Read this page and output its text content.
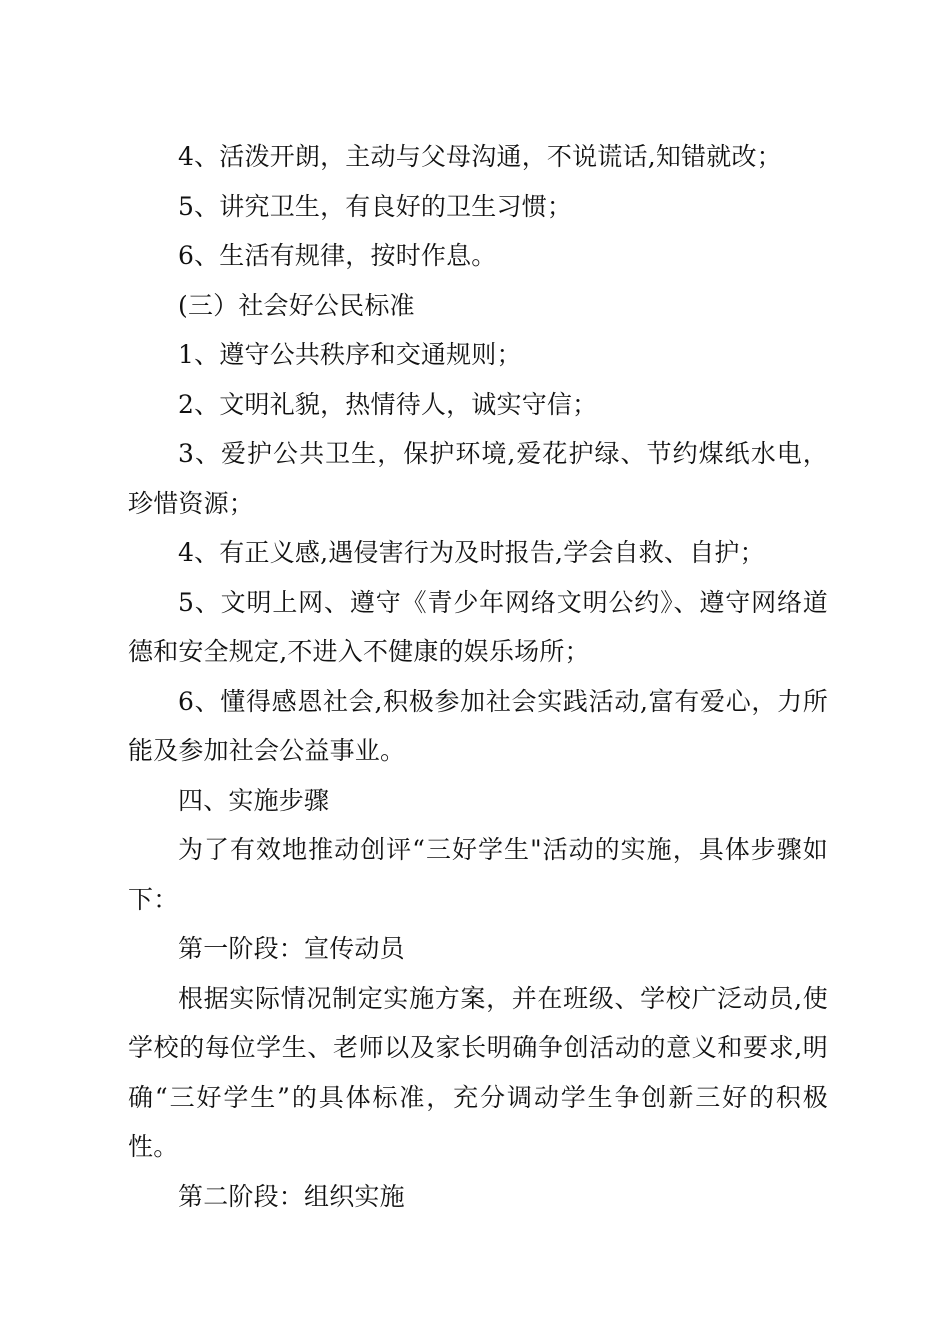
4、活泼开朗，主动与父母沟通，不说谎话,知错就改；

5、讲究卫生，有良好的卫生习惯；

6、生活有规律，按时作息。

(三）社会好公民标准

1、遵守公共秩序和交通规则；

2、文明礼貌，热情待人，诚实守信；

3、爱护公共卫生，保护环境,爱花护绿、节约煤纸水电，珍惜资源；

4、有正义感,遇侵害行为及时报告,学会自救、自护；

5、文明上网、遵守《青少年网络文明公约》、遵守网络道德和安全规定,不进入不健康的娱乐场所；

6、懂得感恩社会,积极参加社会实践活动,富有爱心，力所能及参加社会公益事业。

四、实施步骤

为了有效地推动创评“三好学生"活动的实施，具体步骤如下：

第一阶段：宣传动员

根据实际情况制定实施方案，并在班级、学校广泛动员,使学校的每位学生、老师以及家长明确争创活动的意义和要求,明确“三好学生”的具体标准，充分调动学生争创新三好的积极性。

第二阶段：组织实施
